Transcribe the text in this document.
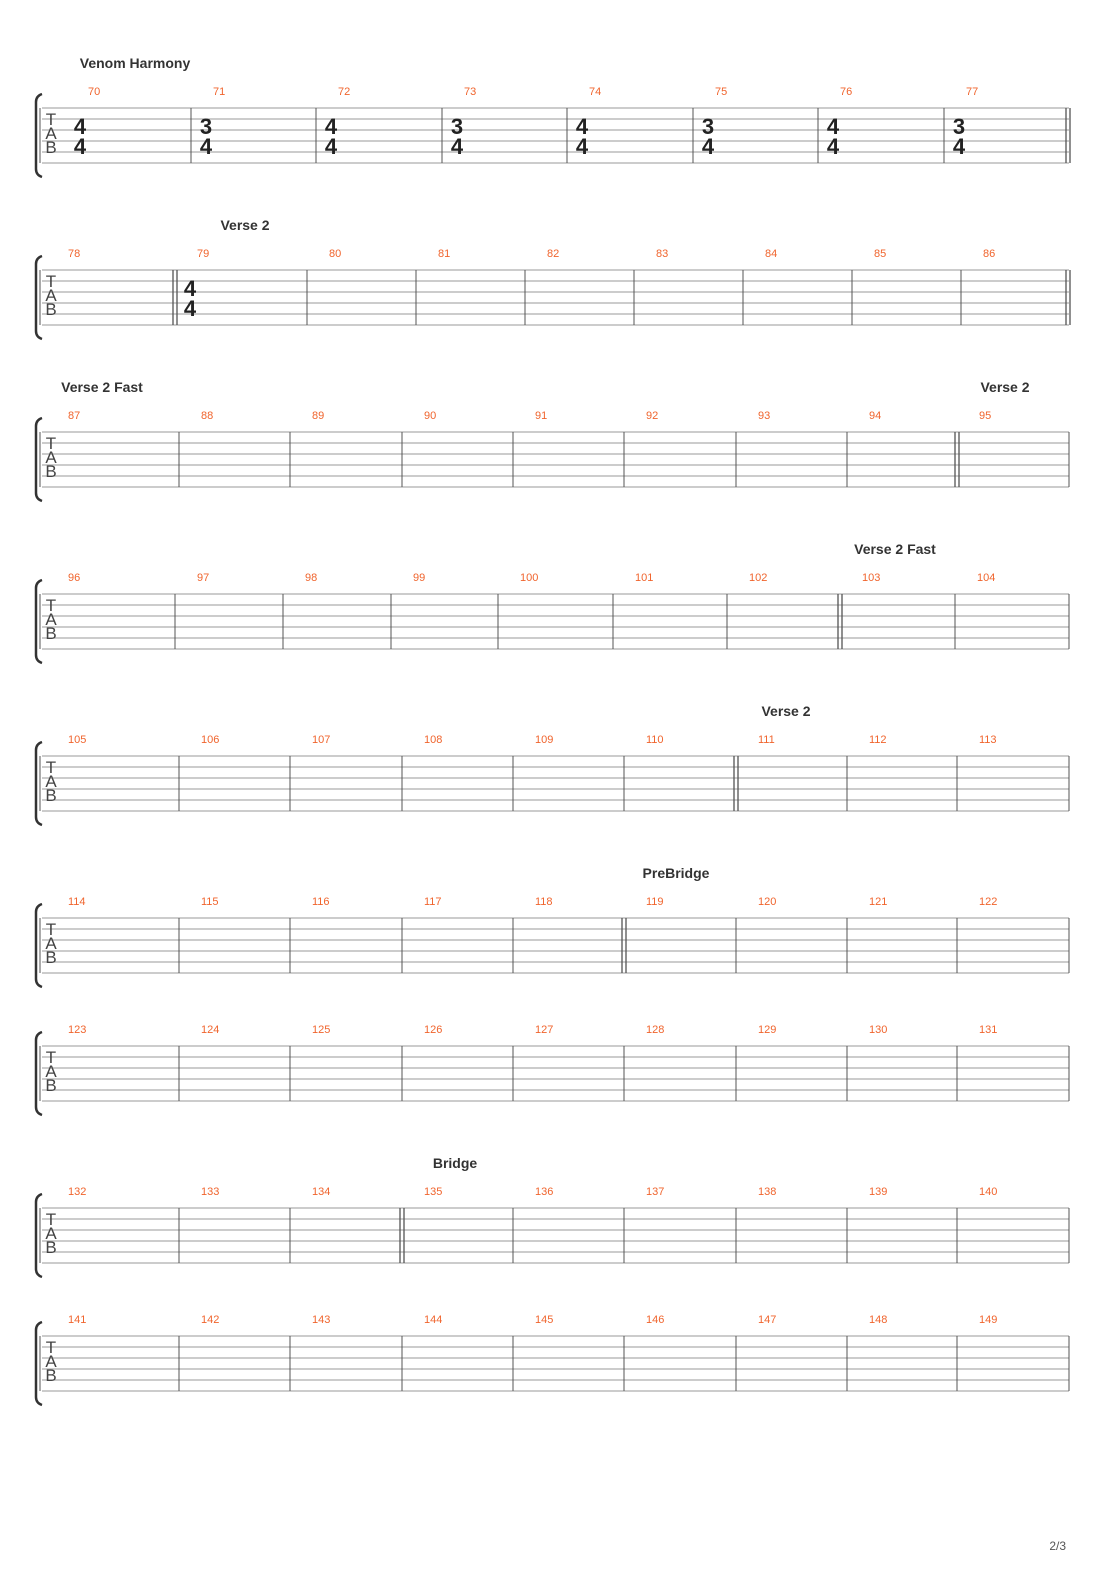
T
A
B
70	71	72	73	74	75	76	77
4
4
3
4
4
4
3
4
4
4
3
4
4
4
3
4
Venom Harmony
T
A
B
78	79	80	81	82	83	84	85	86
4
4
Verse 2
T
A
B
87	88	89	90	91	92	93	94	95
Verse 2 Fast	Verse 2
T
A
B
96	97	98	99	100	101	102	103	104
Verse 2 Fast
T
A
B
105	106	107	108	109	110	111	112	113
Verse 2
T
A
B
114	115	116	117	118	119	120	121	122
PreBridge
T
A
B
123	124	125	126	127	128	129	130	131
T
A
B
132	133	134	135	136	137	138	139	140
Bridge
T
A
B
141	142	143	144	145	146	147	148	149
2/3
